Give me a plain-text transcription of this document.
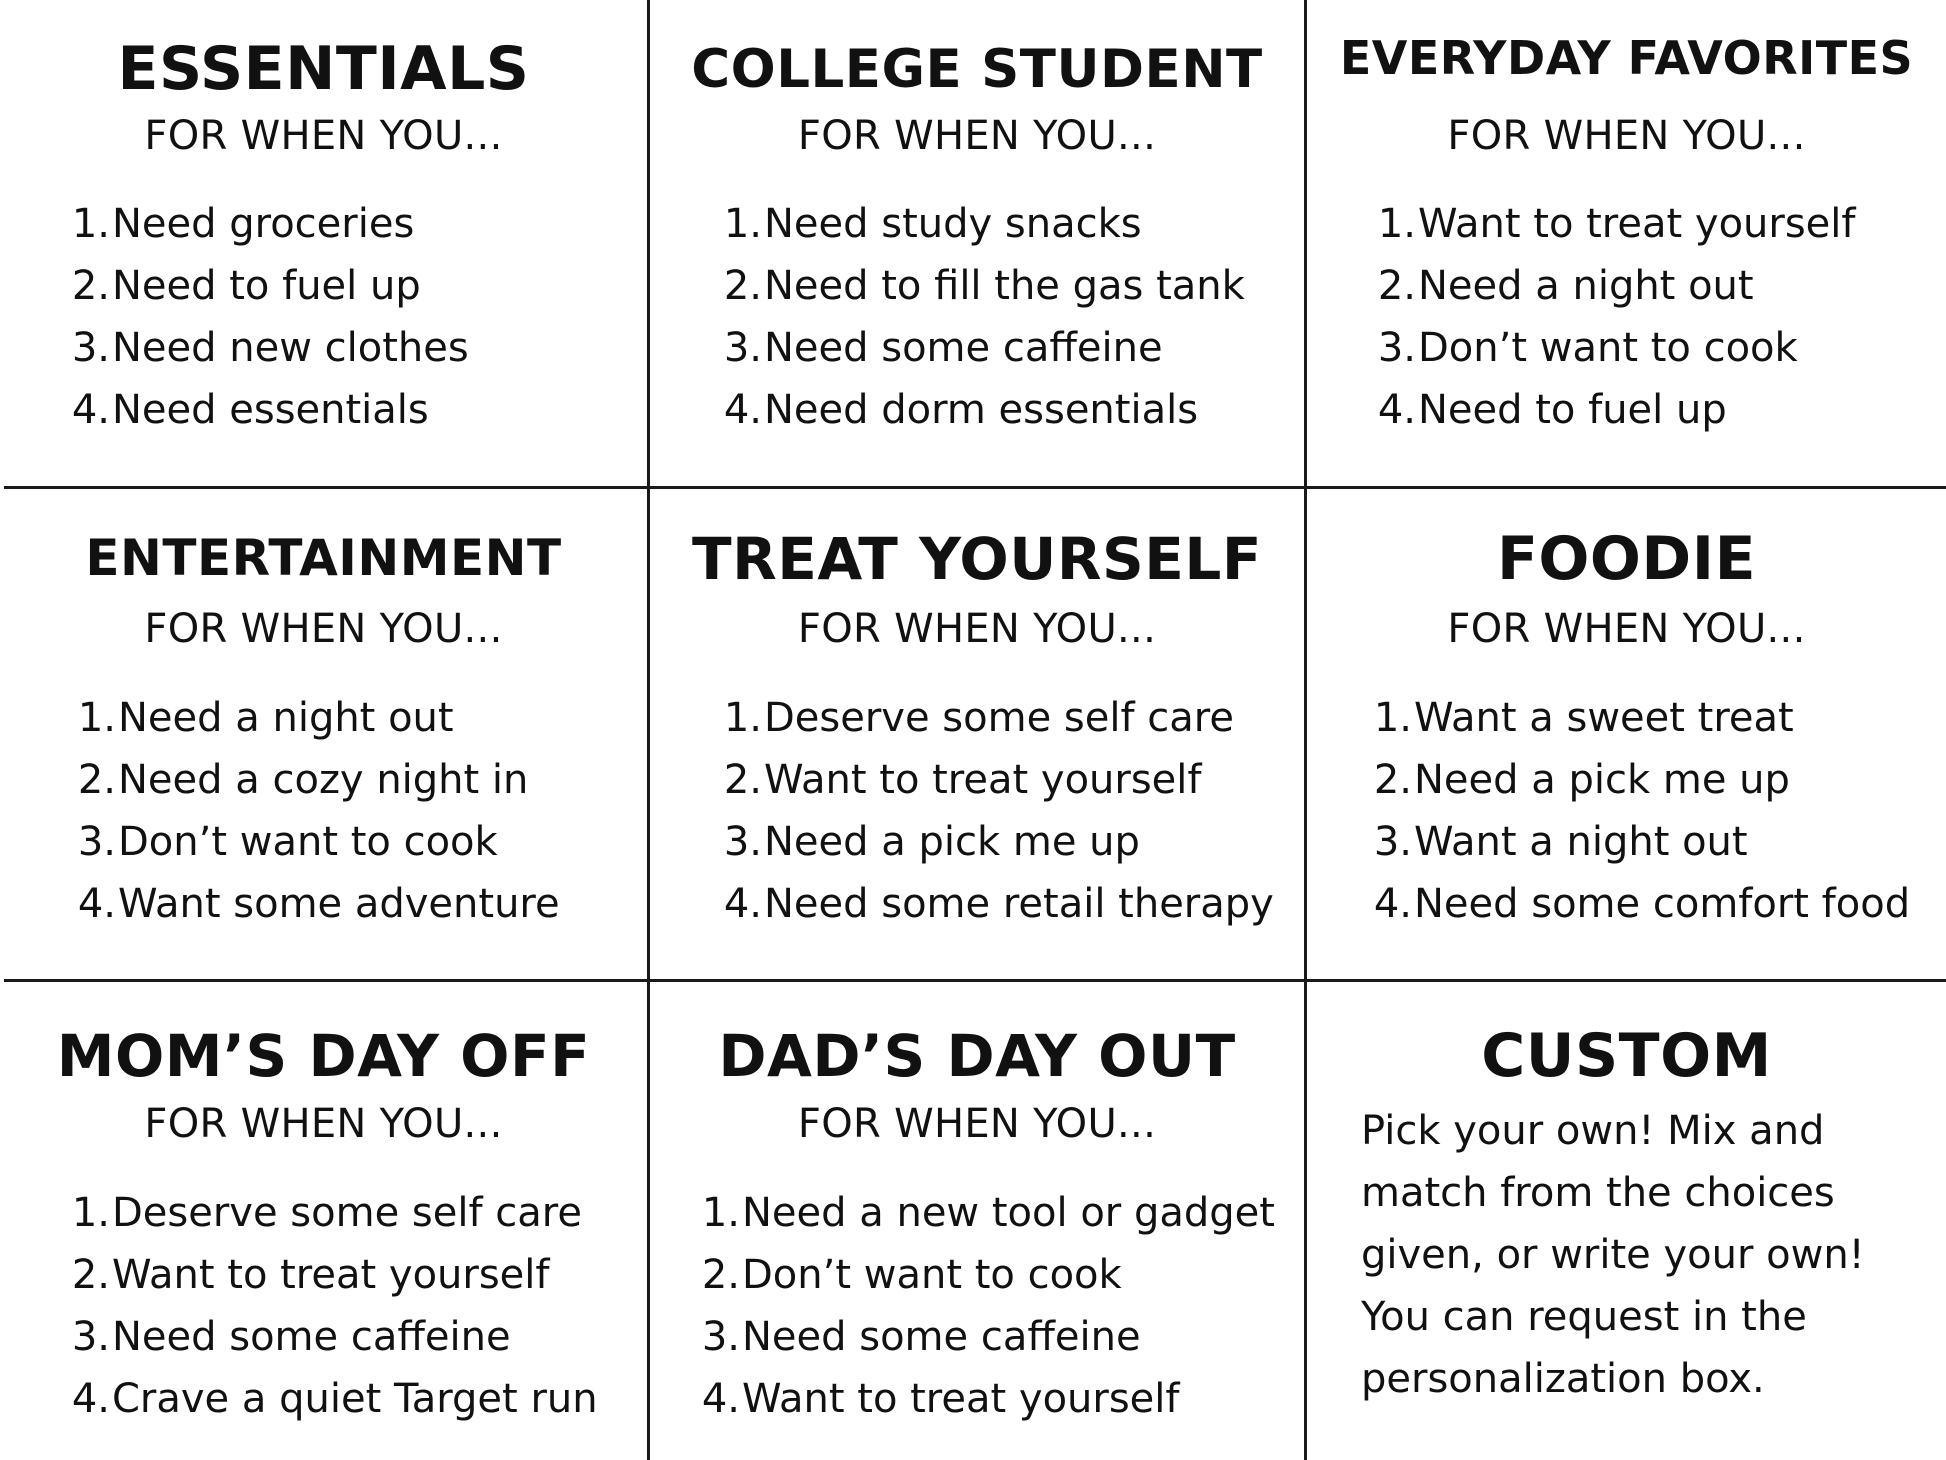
ESSENTIALS

FOR WHEN YOU...

1. Need groceries
2. Need to fuel up
3. Need new clothes
4. Need essentials
COLLEGE STUDENT

FOR WHEN YOU...

1. Need study snacks
2. Need to fill the gas tank
3. Need some caffeine
4. Need dorm essentials
EVERYDAY FAVORITES

FOR WHEN YOU...

1. Want to treat yourself
2. Need a night out
3. Don’t want to cook
4. Need to fuel up
ENTERTAINMENT

FOR WHEN YOU...

1. Need a night out
2. Need a cozy night in
3. Don’t want to cook
4. Want some adventure
TREAT YOURSELF

FOR WHEN YOU...

1. Deserve some self care
2. Want to treat yourself
3. Need a pick me up
4. Need some retail therapy
FOODIE

FOR WHEN YOU...

1. Want a sweet treat
2. Need a pick me up
3. Want a night out
4. Need some comfort food
MOM’S DAY OFF

FOR WHEN YOU...

1. Deserve some self care
2. Want to treat yourself
3. Need some caffeine
4. Crave a quiet Target run
DAD’S DAY OUT

FOR WHEN YOU...

1. Need a new tool or gadget
2. Don’t want to cook
3. Need some caffeine
4. Want to treat yourself
CUSTOM

Pick your own! Mix and

match from the choices

given, or write your own!

You can request in the

personalization box.
